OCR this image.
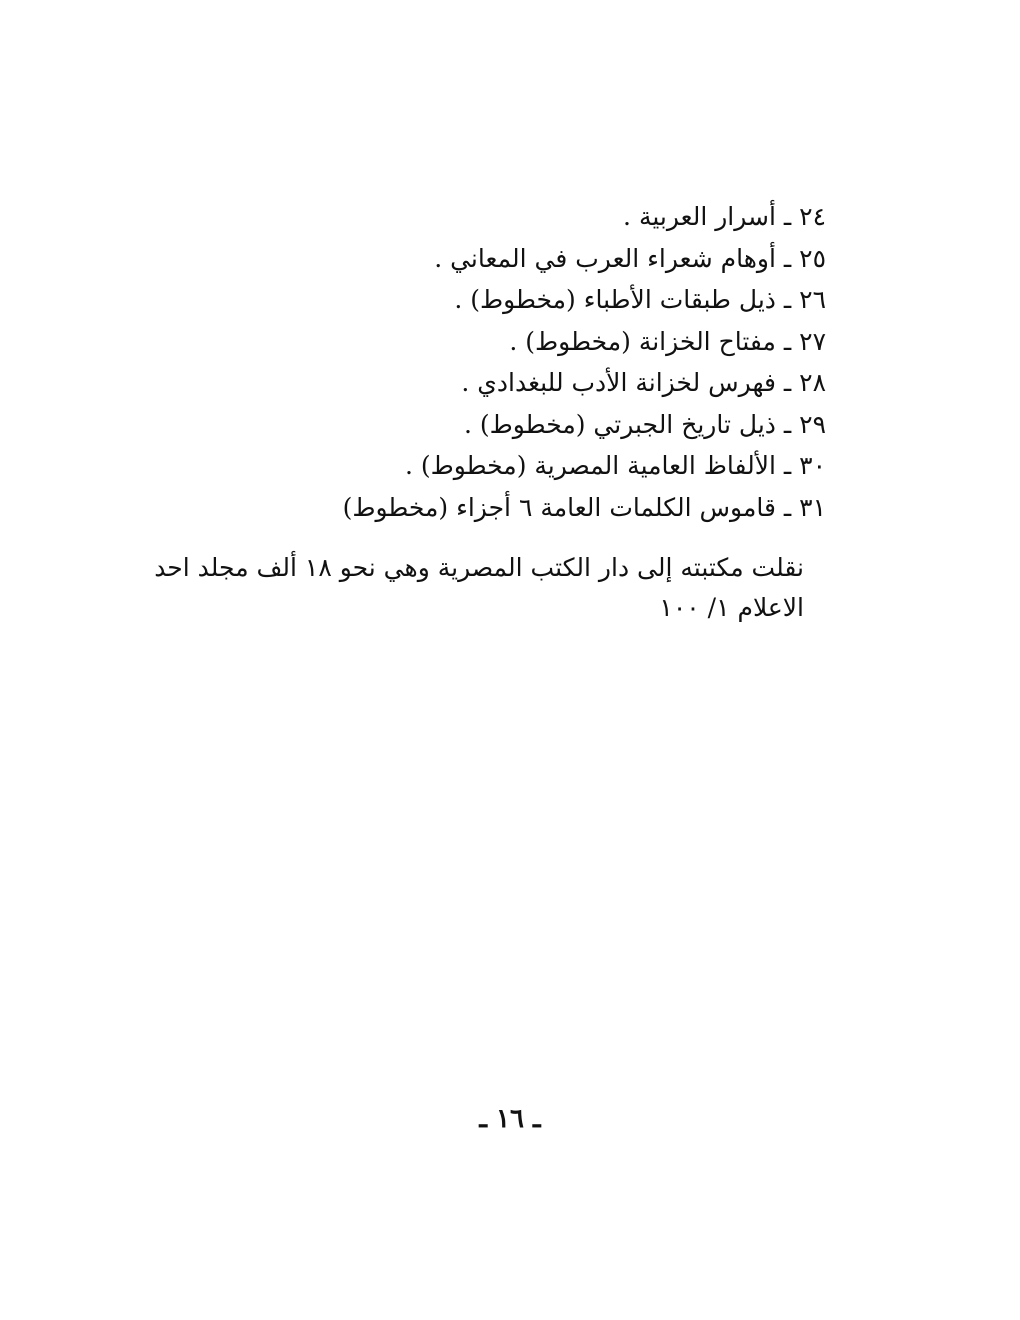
٢٤ ـ أسرار العربية .
٢٥ ـ أوهام شعراء العرب في المعاني .
٢٦ ـ ذيل طبقات الأطباء (مخطوط) .
٢٧ ـ مفتاح الخزانة (مخطوط) .
٢٨ ـ فهرس لخزانة الأدب للبغدادي .
٢٩ ـ ذيل تاريخ الجبرتي (مخطوط) .
٣٠ ـ الألفاظ العامية المصرية (مخطوط) .
٣١ ـ قاموس الكلمات العامة ٦ أجزاء (مخطوط)
نقلت مكتبته إلى دار الكتب المصرية وهي نحو ١٨ ألف مجلد احد
الاعلام ١/ ١٠٠
ـ ١٦ ـ
